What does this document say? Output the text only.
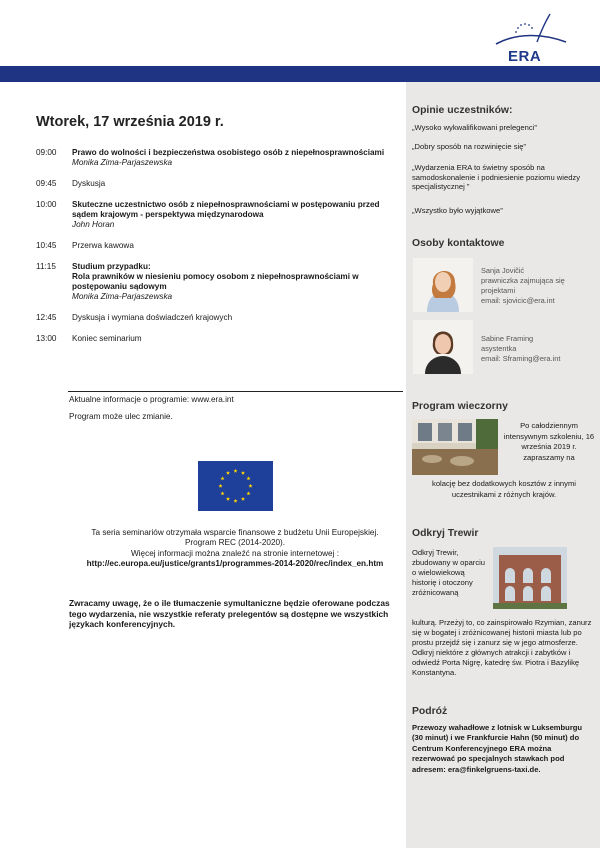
ERA
Wtorek, 17 września 2019 r.
09:00	Prawo do wolności i bezpieczeństwa osobistego osób z niepełnosprawnościami
Monika Zima-Parjaszewska
09:45	Dyskusja
10:00	Skuteczne uczestnictwo osób z niepełnosprawnościami w postępowaniu przed sądem krajowym - perspektywa międzynarodowa
John Horan
10:45	Przerwa kawowa
11:15	Studium przypadku:
Rola prawników w niesieniu pomocy osobom z niepełnosprawnościami w postępowaniu sądowym
Monika Zima-Parjaszewska
12:45	Dyskusja i wymiana doświadczeń krajowych
13:00	Koniec seminarium
Aktualne informacje o programie: www.era.int
Program może ulec zmianie.
Ta seria seminariów otrzymała wsparcie finansowe z budżetu Unii Europejskiej.
Program REC (2014-2020).
Więcej informacji można znaleźć na stronie internetowej :
http://ec.europa.eu/justice/grants1/programmes-2014-2020/rec/index_en.htm
Zwracamy uwagę, że o ile tłumaczenie symultaniczne będzie oferowane podczas tego wydarzenia, nie wszystkie referaty prelegentów są dostępne we wszystkich językach konferencyjnych.
Opinie uczestników:
„Wysoko wykwalifikowani prelegenci”
„Dobry sposób na rozwinięcie się”
„Wydarzenia ERA to świetny sposób na samodoskonalenie i podniesienie poziomu wiedzy specjalistycznej ”
„Wszystko było wyjątkowe”
Osoby kontaktowe
Sanja Jovičić
prawniczka zajmująca się projektami
email: sjovicic@era.int
Sabine Framing
asystentka
email: Sframing@era.int
Program wieczorny
Po całodziennym intensywnym szkoleniu, 16 września 2019 r. zapraszamy na
kolację bez dodatkowych kosztów z innymi uczestnikami z różnych krajów.
Odkryj Trewir
Odkryj Trewir, zbudowany w oparciu o wielowiekową historię i otoczony zróżnicowaną
kulturą. Przeżyj to, co zainspirowało Rzymian, zanurz się w bogatej i zróżnicowanej historii miasta lub po prostu przejdź się i zanurz się w jego atmosferze. Odkryj niektóre z głównych atrakcji i zabytków i odwiedź Porta Nigrę, katedrę św. Piotra i Bazylikę Konstantyna.
Podróż
Przewozy wahadłowe z lotnisk w Luksemburgu (30 minut) i we Frankfurcie Hahn (50 minut) do Centrum Konferencyjnego ERA można rezerwować po specjalnych stawkach pod adresem: era@finkelgruens-taxi.de.
